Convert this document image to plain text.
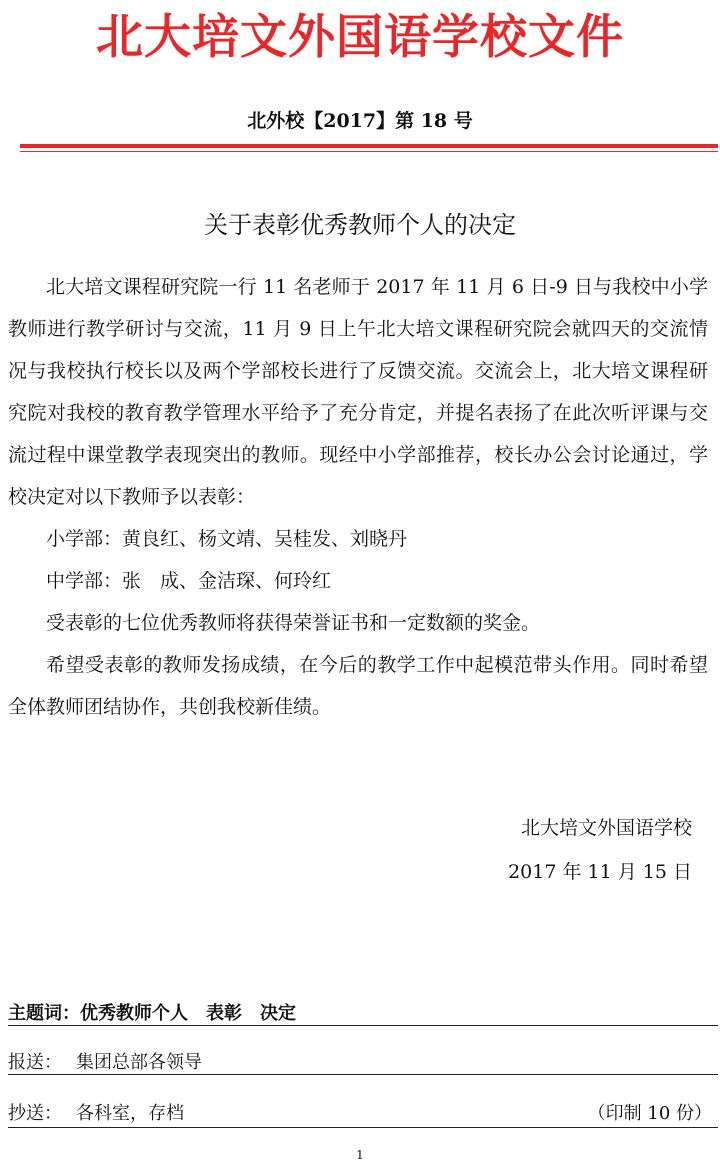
北大培文外国语学校文件
北外校【2017】第 18 号
关于表彰优秀教师个人的决定

北大培文课程研究院一行 11 名老师于 2017 年 11 月 6 日-9 日与我校中小学教师进行教学研讨与交流，11 月 9 日上午北大培文课程研究院会就四天的交流情况与我校执行校长以及两个学部校长进行了反馈交流。交流会上，北大培文课程研究院对我校的教育教学管理水平给予了充分肯定，并提名表扬了在此次听评课与交流过程中课堂教学表现突出的教师。现经中小学部推荐，校长办公会讨论通过，学校决定对以下教师予以表彰：

小学部：黄良红、杨文靖、吴桂发、刘晓丹

中学部：张　成、金洁琛、何玲红

受表彰的七位优秀教师将获得荣誉证书和一定数额的奖金。

希望受表彰的教师发扬成绩，在今后的教学工作中起模范带头作用。同时希望全体教师团结协作，共创我校新佳绩。

北大培文外国语学校
2017 年 11 月 15 日
主题词：优秀教师个人　表彰　决定
报送： 集团总部各领导
抄送： 各科室，存档	（印制 10 份）
1
